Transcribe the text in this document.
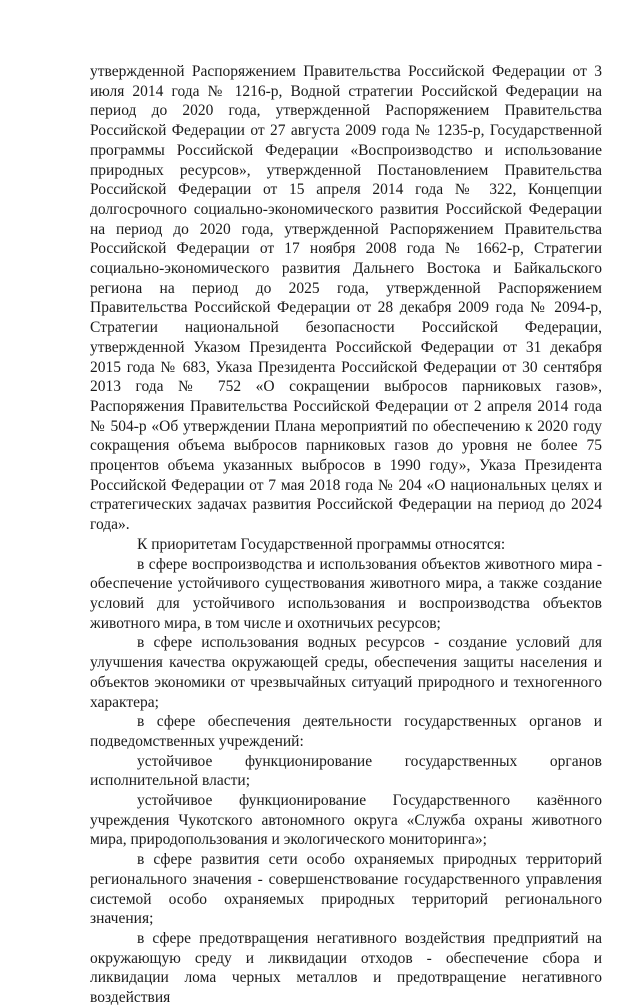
утвержденной Распоряжением Правительства Российской Федерации от 3 июля 2014 года № 1216-р, Водной стратегии Российской Федерации на период до 2020 года, утвержденной Распоряжением Правительства Российской Федерации от 27 августа 2009 года № 1235-р, Государственной программы Российской Федерации «Воспроизводство и использование природных ресурсов», утвержденной Постановлением Правительства Российской Федерации от 15 апреля 2014 года № 322, Концепции долгосрочного социально-экономического развития Российской Федерации на период до 2020 года, утвержденной Распоряжением Правительства Российской Федерации от 17 ноября 2008 года № 1662-р, Стратегии социально-экономического развития Дальнего Востока и Байкальского региона на период до 2025 года, утвержденной Распоряжением Правительства Российской Федерации от 28 декабря 2009 года № 2094-р, Стратегии национальной безопасности Российской Федерации, утвержденной Указом Президента Российской Федерации от 31 декабря 2015 года № 683, Указа Президента Российской Федерации от 30 сентября 2013 года № 752 «О сокращении выбросов парниковых газов», Распоряжения Правительства Российской Федерации от 2 апреля 2014 года № 504-р «Об утверждении Плана мероприятий по обеспечению к 2020 году сокращения объема выбросов парниковых газов до уровня не более 75 процентов объема указанных выбросов в 1990 году», Указа Президента Российской Федерации от 7 мая 2018 года № 204 «О национальных целях и стратегических задачах развития Российской Федерации на период до 2024 года».

К приоритетам Государственной программы относятся:

в сфере воспроизводства и использования объектов животного мира - обеспечение устойчивого существования животного мира, а также создание условий для устойчивого использования и воспроизводства объектов животного мира, в том числе и охотничьих ресурсов;

в сфере использования водных ресурсов - создание условий для улучшения качества окружающей среды, обеспечения защиты населения и объектов экономики от чрезвычайных ситуаций природного и техногенного характера;

в сфере обеспечения деятельности государственных органов и подведомственных учреждений:

устойчивое функционирование государственных органов исполнительной власти;

устойчивое функционирование Государственного казённого учреждения Чукотского автономного округа «Служба охраны животного мира, природопользования и экологического мониторинга»;

в сфере развития сети особо охраняемых природных территорий регионального значения - совершенствование государственного управления системой особо охраняемых природных территорий регионального значения;

в сфере предотвращения негативного воздействия предприятий на окружающую среду и ликвидации отходов - обеспечение сбора и ликвидации лома черных металлов и предотвращение негативного воздействия
